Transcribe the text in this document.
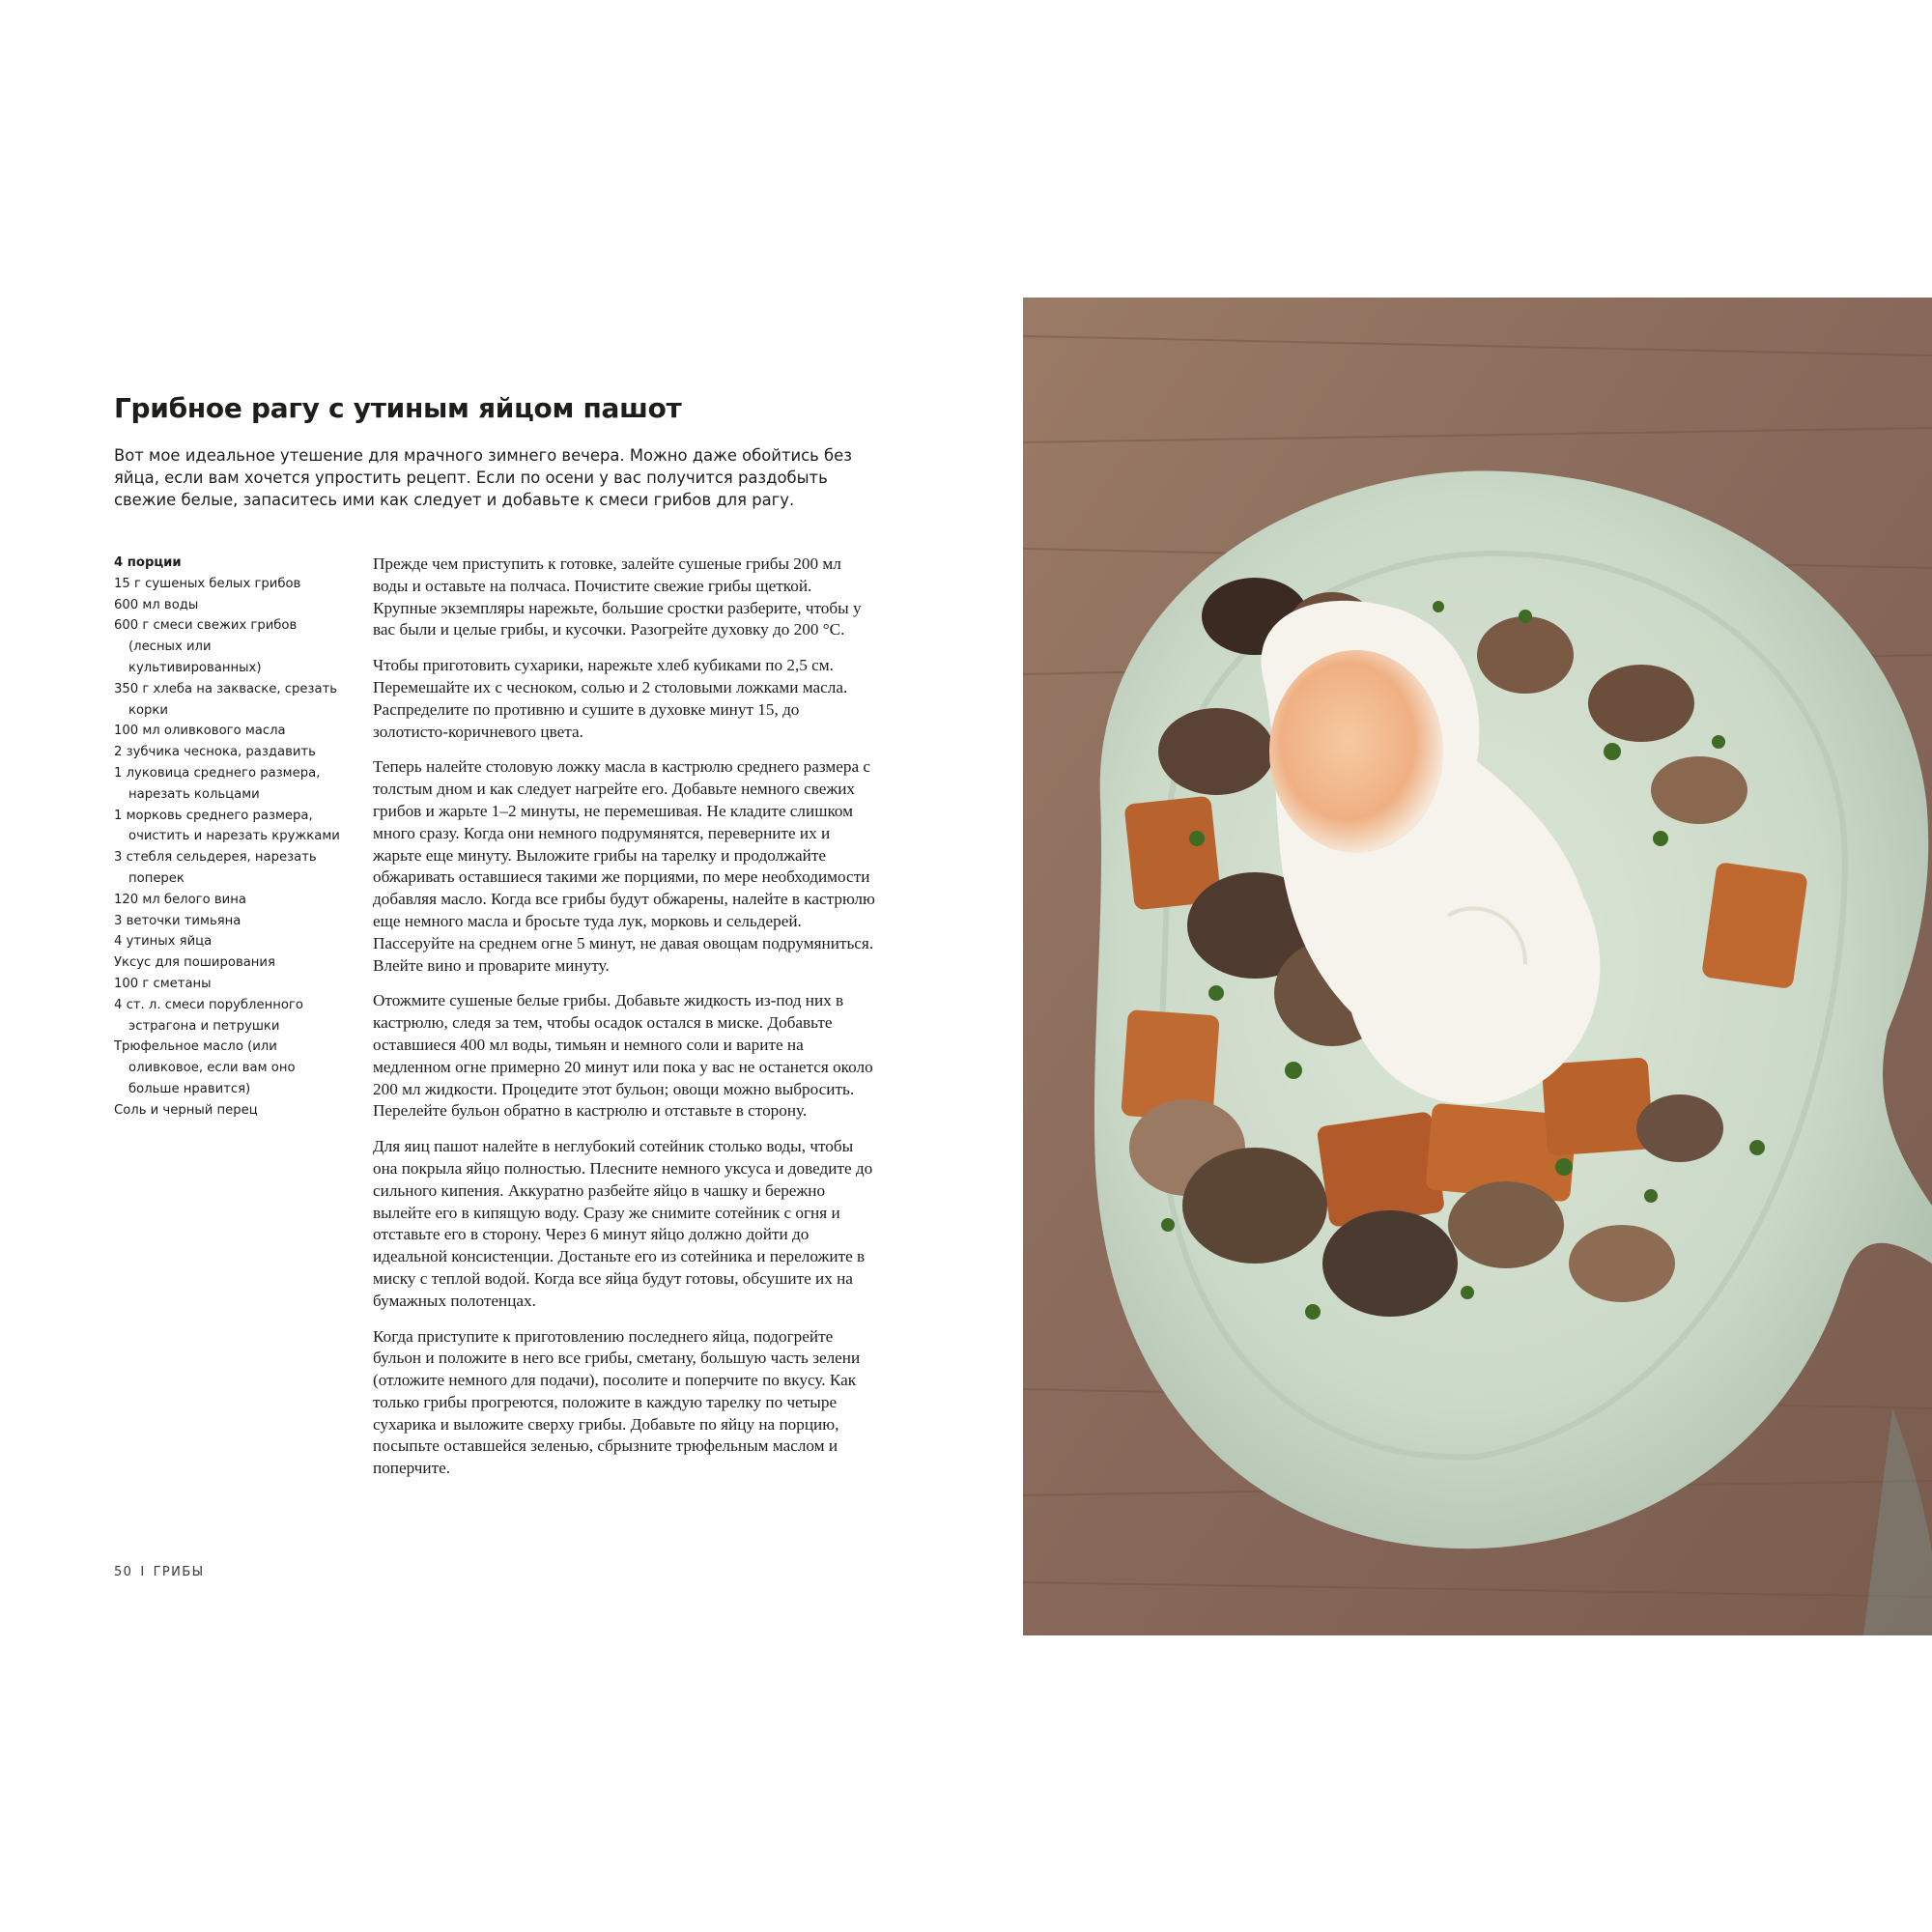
Грибное рагу с утиным яйцом пашот

Вот мое идеальное утешение для мрачного зимнего вечера. Можно даже обойтись без яйца, если вам хочется упростить рецепт. Если по осени у вас получится раздобыть свежие белые, запаситесь ими как следует и добавьте к смеси грибов для рагу.

4 порции
15 г сушеных белых грибов
600 мл воды
600 г смеси свежих грибов (лесных или культивированных)
350 г хлеба на закваске, срезать корки
100 мл оливкового масла
2 зубчика чеснока, раздавить
1 луковица среднего размера, нарезать кольцами
1 морковь среднего размера, очистить и нарезать кружками
3 стебля сельдерея, нарезать поперек
120 мл белого вина
3 веточки тимьяна
4 утиных яйца
Уксус для поширования
100 г сметаны
4 ст. л. смеси порубленного эстрагона и петрушки
Трюфельное масло (или оливковое, если вам оно больше нравится)
Соль и черный перец

Прежде чем приступить к готовке, залейте сушеные грибы 200 мл воды и оставьте на полчаса. Почистите свежие грибы щеткой. Крупные экземпляры нарежьте, большие сростки разберите, чтобы у вас были и целые грибы, и кусочки. Разогрейте духовку до 200 °С.

Чтобы приготовить сухарики, нарежьте хлеб кубиками по 2,5 см. Перемешайте их с чесноком, солью и 2 столовыми ложками масла. Распределите по противню и сушите в духовке минут 15, до золотисто-коричневого цвета.

Теперь налейте столовую ложку масла в кастрюлю среднего размера с толстым дном и как следует нагрейте его. Добавьте немного свежих грибов и жарьте 1–2 минуты, не перемешивая. Не кладите слишком много сразу. Когда они немного подрумянятся, переверните их и жарьте еще минуту. Выложите грибы на тарелку и продолжайте обжаривать оставшиеся такими же порциями, по мере необходимости добавляя масло. Когда все грибы будут обжарены, налейте в кастрюлю еще немного масла и бросьте туда лук, морковь и сельдерей. Пассеруйте на среднем огне 5 минут, не давая овощам подрумяниться. Влейте вино и проварите минуту.

Отожмите сушеные белые грибы. Добавьте жидкость из-под них в кастрюлю, следя за тем, чтобы осадок остался в миске. Добавьте оставшиеся 400 мл воды, тимьян и немного соли и варите на медленном огне примерно 20 минут или пока у вас не останется около 200 мл жидкости. Процедите этот бульон; овощи можно выбросить. Перелейте бульон обратно в кастрюлю и отставьте в сторону.

Для яиц пашот налейте в неглубокий сотейник столько воды, чтобы она покрыла яйцо полностью. Плесните немного уксуса и доведите до сильного кипения. Аккуратно разбейте яйцо в чашку и бережно вылейте его в кипящую воду. Сразу же снимите сотейник с огня и отставьте его в сторону. Через 6 минут яйцо должно дойти до идеальной консистенции. Достаньте его из сотейника и переложите в миску с теплой водой. Когда все яйца будут готовы, обсушите их на бумажных полотенцах.

Когда приступите к приготовлению последнего яйца, подогрейте бульон и положите в него все грибы, сметану, большую часть зелени (отложите немного для подачи), посолите и поперчите по вкусу. Как только грибы прогреются, положите в каждую тарелку по четыре сухарика и выложите сверху грибы. Добавьте по яйцу на порцию, посыпьте оставшейся зеленью, сбрызните трюфельным маслом и поперчите.

50 I ГРИБЫ
